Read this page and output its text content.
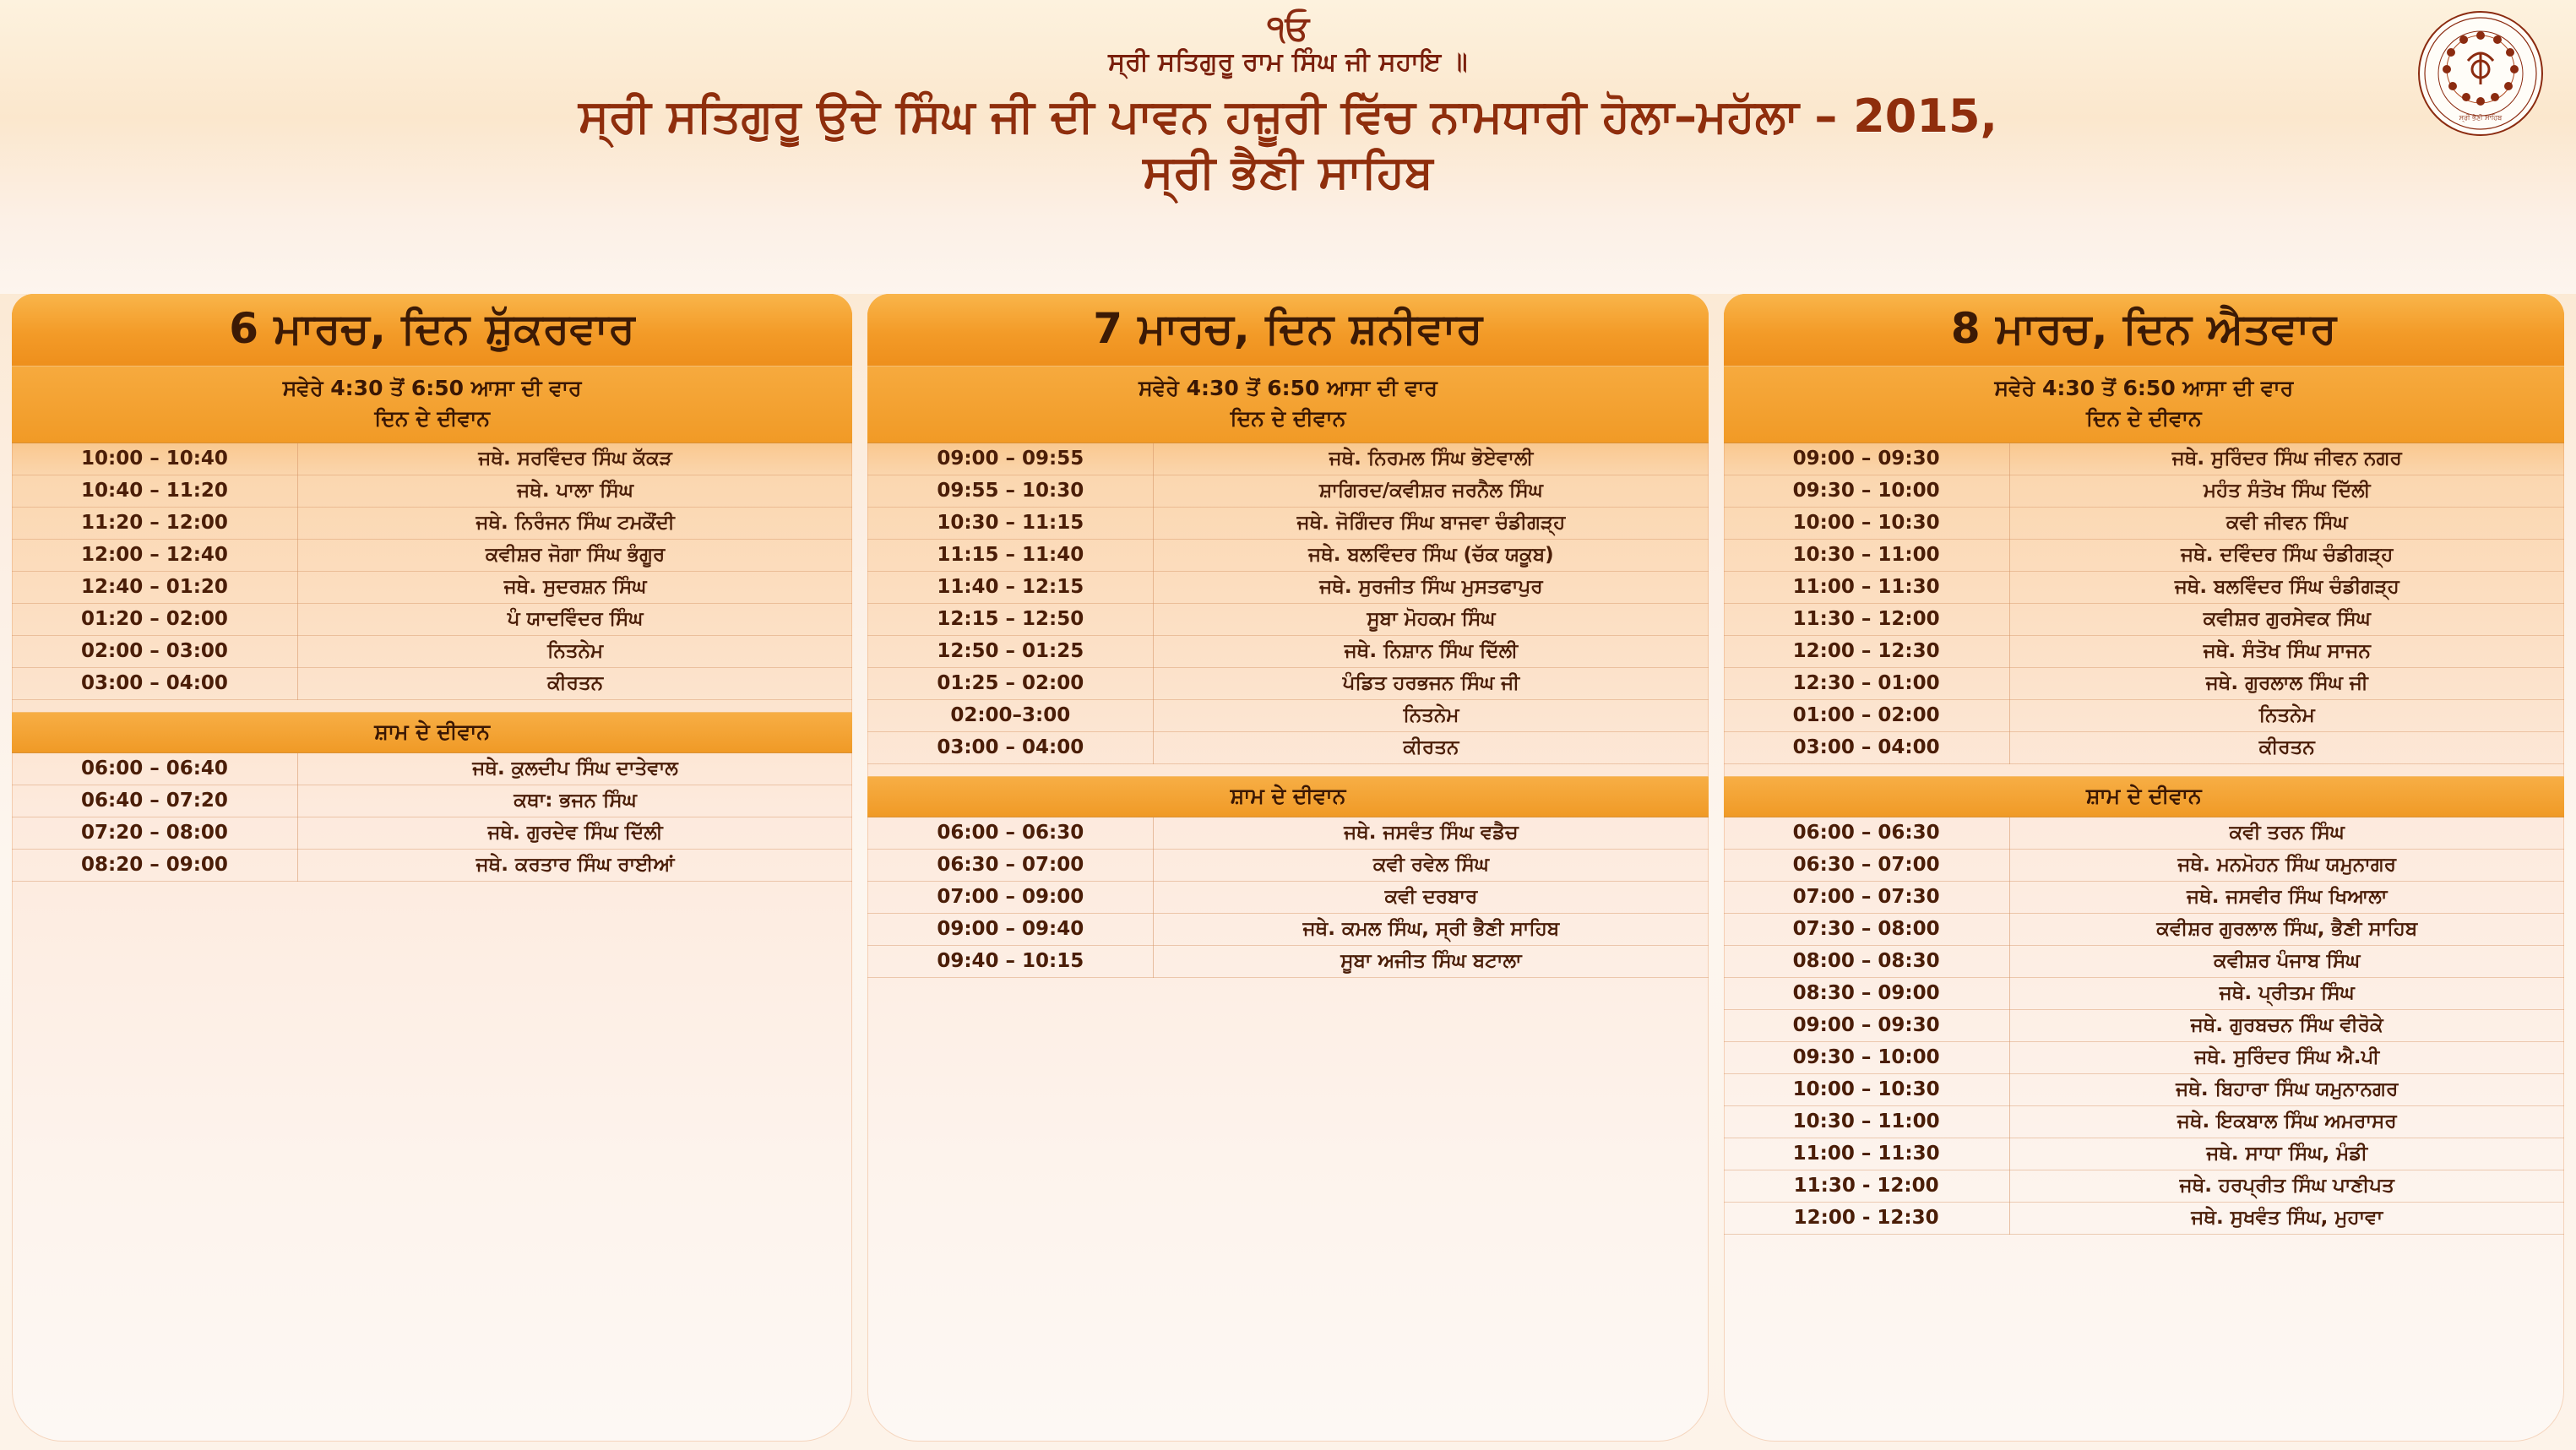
੧ਓ
ਸ੍ਰੀ ਸਤਿਗੁਰੂ ਰਾਮ ਸਿੰਘ ਜੀ ਸਹਾਇ ॥
ਸ੍ਰੀ ਸਤਿਗੁਰੂ ਉਦੇ ਸਿੰਘ ਜੀ ਦੀ ਪਾਵਨ ਹਜ਼ੂਰੀ ਵਿੱਚ ਨਾਮਧਾਰੀ ਹੋਲਾ–ਮਹੱਲਾ – 2015,
ਸ੍ਰੀ ਭੈਣੀ ਸਾਹਿਬ
ਸ੍ਰੀ ਭੈਣੀ ਸਾਹਿਬ
6 ਮਾਰਚ, ਦਿਨ ਸ਼ੁੱਕਰਵਾਰ
ਸਵੇਰੇ 4:30 ਤੋਂ 6:50 ਆਸਾ ਦੀ ਵਾਰ
ਦਿਨ ਦੇ ਦੀਵਾਨ
10:00 – 10:40	ਜਥੇ. ਸਰਵਿੰਦਰ ਸਿੰਘ ਕੱਕੜ
10:40 – 11:20	ਜਥੇ. ਪਾਲਾ ਸਿੰਘ
11:20 – 12:00	ਜਥੇ. ਨਿਰੰਜਨ ਸਿੰਘ ਟਮਕੌਂਦੀ
12:00 – 12:40	ਕਵੀਸ਼ਰ ਜੋਗਾ ਸਿੰਘ ਭੰਗੂਰ
12:40 – 01:20	ਜਥੇ. ਸੁਦਰਸ਼ਨ ਸਿੰਘ
01:20 – 02:00	ਪੰ ਯਾਦਵਿੰਦਰ ਸਿੰਘ
02:00 – 03:00	ਨਿਤਨੇਮ
03:00 – 04:00	ਕੀਰਤਨ
ਸ਼ਾਮ ਦੇ ਦੀਵਾਨ
06:00 – 06:40	ਜਥੇ. ਕੁਲਦੀਪ ਸਿੰਘ ਦਾਤੇਵਾਲ
06:40 – 07:20	ਕਥਾ: ਭਜਨ ਸਿੰਘ
07:20 – 08:00	ਜਥੇ. ਗੁਰਦੇਵ ਸਿੰਘ ਦਿੱਲੀ
08:20 – 09:00	ਜਥੇ. ਕਰਤਾਰ ਸਿੰਘ ਰਾਈਆਂ
7 ਮਾਰਚ, ਦਿਨ ਸ਼ਨੀਵਾਰ
ਸਵੇਰੇ 4:30 ਤੋਂ 6:50 ਆਸਾ ਦੀ ਵਾਰ
ਦਿਨ ਦੇ ਦੀਵਾਨ
09:00 – 09:55	ਜਥੇ. ਨਿਰਮਲ ਸਿੰਘ ਭੋਏਵਾਲੀ
09:55 – 10:30	ਸ਼ਾਗਿਰਦ/ਕਵੀਸ਼ਰ ਜਰਨੈਲ ਸਿੰਘ
10:30 – 11:15	ਜਥੇ. ਜੋਗਿੰਦਰ ਸਿੰਘ ਬਾਜਵਾ ਚੰਡੀਗੜ੍ਹ
11:15 – 11:40	ਜਥੇ. ਬਲਵਿੰਦਰ ਸਿੰਘ (ਚੱਕ ਯਕੂਬ)
11:40 – 12:15	ਜਥੇ. ਸੁਰਜੀਤ ਸਿੰਘ ਮੁਸਤਫਾਪੁਰ
12:15 – 12:50	ਸੂਬਾ ਮੋਹਕਮ ਸਿੰਘ
12:50 – 01:25	ਜਥੇ. ਨਿਸ਼ਾਨ ਸਿੰਘ ਦਿੱਲੀ
01:25 – 02:00	ਪੰਡਿਤ ਹਰਭਜਨ ਸਿੰਘ ਜੀ
02:00–3:00	ਨਿਤਨੇਮ
03:00 – 04:00	ਕੀਰਤਨ
ਸ਼ਾਮ ਦੇ ਦੀਵਾਨ
06:00 – 06:30	ਜਥੇ. ਜਸਵੰਤ ਸਿੰਘ ਵਡੈਚ
06:30 – 07:00	ਕਵੀ ਰਵੇਲ ਸਿੰਘ
07:00 – 09:00	ਕਵੀ ਦਰਬਾਰ
09:00 – 09:40	ਜਥੇ. ਕਮਲ ਸਿੰਘ, ਸ੍ਰੀ ਭੈਣੀ ਸਾਹਿਬ
09:40 – 10:15	ਸੂਬਾ ਅਜੀਤ ਸਿੰਘ ਬਟਾਲਾ
8 ਮਾਰਚ, ਦਿਨ ਐਤਵਾਰ
ਸਵੇਰੇ 4:30 ਤੋਂ 6:50 ਆਸਾ ਦੀ ਵਾਰ
ਦਿਨ ਦੇ ਦੀਵਾਨ
09:00 – 09:30	ਜਥੇ. ਸੁਰਿੰਦਰ ਸਿੰਘ ਜੀਵਨ ਨਗਰ
09:30 – 10:00	ਮਹੰਤ ਸੰਤੋਖ ਸਿੰਘ ਦਿੱਲੀ
10:00 – 10:30	ਕਵੀ ਜੀਵਨ ਸਿੰਘ
10:30 – 11:00	ਜਥੇ. ਦਵਿੰਦਰ ਸਿੰਘ ਚੰਡੀਗੜ੍ਹ
11:00 – 11:30	ਜਥੇ. ਬਲਵਿੰਦਰ ਸਿੰਘ ਚੰਡੀਗੜ੍ਹ
11:30 – 12:00	ਕਵੀਸ਼ਰ ਗੁਰਸੇਵਕ ਸਿੰਘ
12:00 – 12:30	ਜਥੇ. ਸੰਤੋਖ ਸਿੰਘ ਸਾਜਨ
12:30 – 01:00	ਜਥੇ. ਗੁਰਲਾਲ ਸਿੰਘ ਜੀ
01:00 – 02:00	ਨਿਤਨੇਮ
03:00 – 04:00	ਕੀਰਤਨ
ਸ਼ਾਮ ਦੇ ਦੀਵਾਨ
06:00 – 06:30	ਕਵੀ ਤਰਨ ਸਿੰਘ
06:30 – 07:00	ਜਥੇ. ਮਨਮੋਹਨ ਸਿੰਘ ਯਮੁਨਾਗਰ
07:00 – 07:30	ਜਥੇ. ਜਸਵੀਰ ਸਿੰਘ ਖਿਆਲਾ
07:30 – 08:00	ਕਵੀਸ਼ਰ ਗੁਰਲਾਲ ਸਿੰਘ, ਭੈਣੀ ਸਾਹਿਬ
08:00 – 08:30	ਕਵੀਸ਼ਰ ਪੰਜਾਬ ਸਿੰਘ
08:30 – 09:00	ਜਥੇ. ਪ੍ਰੀਤਮ ਸਿੰਘ
09:00 – 09:30	ਜਥੇ. ਗੁਰਬਚਨ ਸਿੰਘ ਵੀਰੋਕੇ
09:30 – 10:00	ਜਥੇ. ਸੁਰਿੰਦਰ ਸਿੰਘ ਐ.ਪੀ
10:00 – 10:30	ਜਥੇ. ਬਿਹਾਰਾ ਸਿੰਘ ਯਮੁਨਾਨਗਰ
10:30 – 11:00	ਜਥੇ. ਇਕਬਾਲ ਸਿੰਘ ਅਮਰਾਸਰ
11:00 – 11:30	ਜਥੇ. ਸਾਧਾ ਸਿੰਘ, ਮੰਡੀ
11:30 - 12:00	ਜਥੇ. ਹਰਪ੍ਰੀਤ ਸਿੰਘ ਪਾਣੀਪਤ
12:00 - 12:30	ਜਥੇ. ਸੁਖਵੰਤ ਸਿੰਘ, ਮੁਹਾਵਾ
